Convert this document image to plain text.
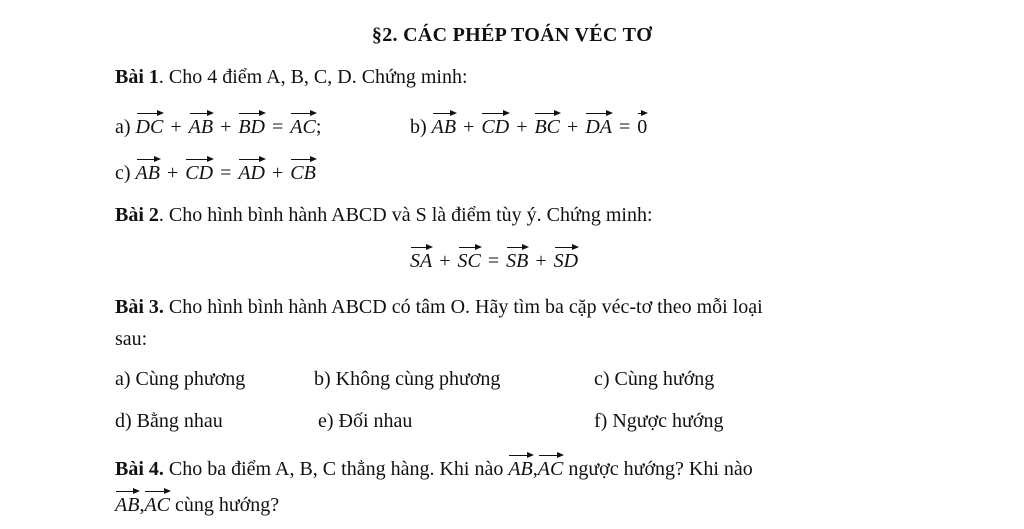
§2. CÁC PHÉP TOÁN VÉC TƠ
Bài 1. Cho 4 điểm A, B, C, D. Chứng minh:
a) DC + AB + BD = AC;	b) AB + CD + BC + DA = 0
c) AB + CD = AD + CB
Bài 2. Cho hình bình hành ABCD và S là điểm tùy ý. Chứng minh:
SA + SC = SB + SD
Bài 3. Cho hình bình hành ABCD có tâm O. Hãy tìm ba cặp véc-tơ theo mỗi loại
sau:
a) Cùng phương	b) Không cùng phương	c) Cùng hướng
d) Bằng nhau	e) Đối nhau	f) Ngược hướng
Bài 4. Cho ba điểm A, B, C thẳng hàng. Khi nào AB,AC ngược hướng? Khi nào
AB,AC cùng hướng?
